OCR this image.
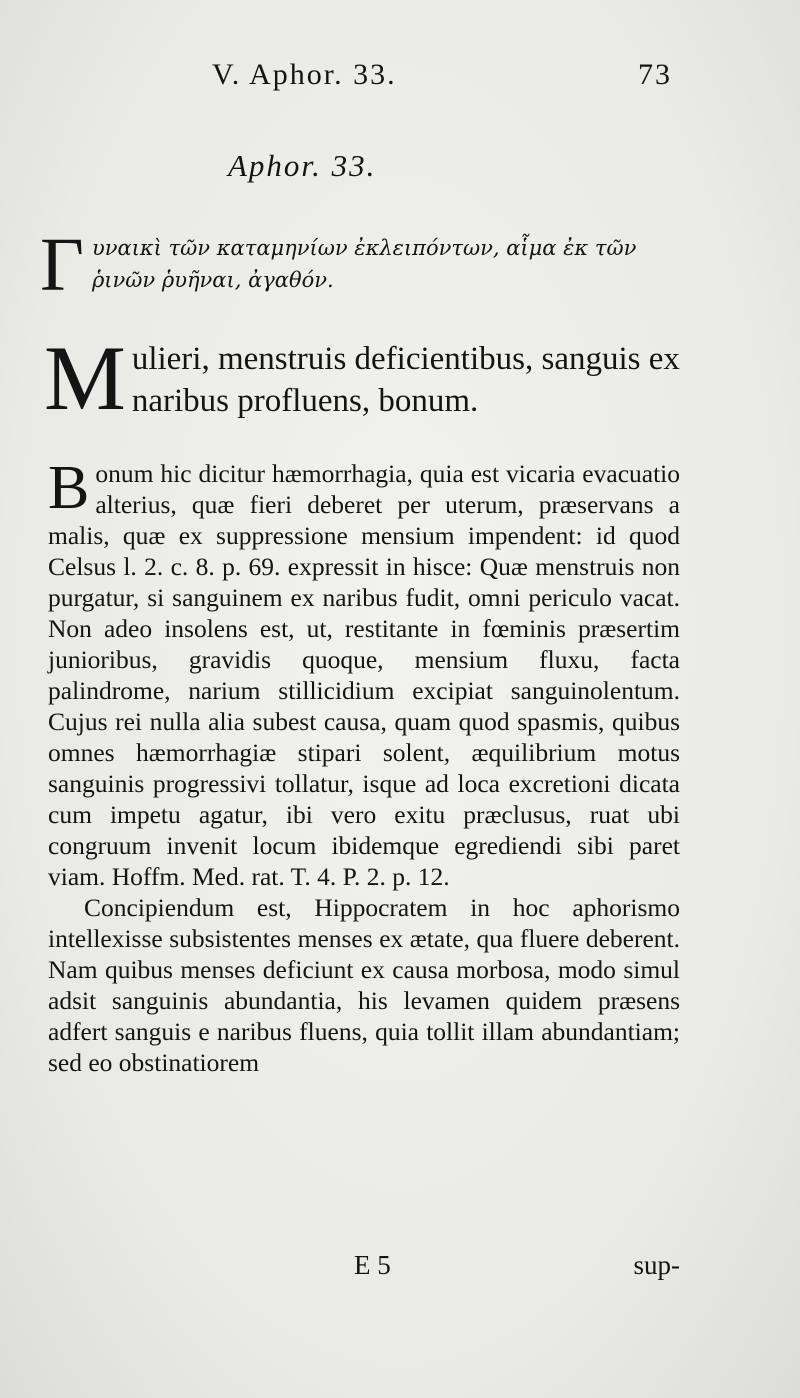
V. Aphor. 33.	73
Aphor. 33.
Γ υναικὶ τῶν καταμηνίων ἐκλειπόντων, αἷμα ἐκ τῶν ῥινῶν ῥυῆναι, ἀγαθόν.
M ulieri, menstruis deficientibus, sanguis ex naribus profluens, bonum.

B onum hic dicitur hæmorrhagia, quia est vicaria evacuatio alterius, quæ fieri deberet per uterum, præservans a malis, quæ ex suppressione mensium impendent: id quod Celsus l. 2. c. 8. p. 69. expressit in hisce: Quæ menstruis non purgatur, si sanguinem ex naribus fudit, omni periculo vacat. Non adeo insolens est, ut, restitante in fœminis præsertim junioribus, gravidis quoque, mensium fluxu, facta palindrome, narium stillicidium excipiat sanguinolentum. Cujus rei nulla alia subest causa, quam quod spasmis, quibus omnes hæmorrhagiæ stipari solent, æquilibrium motus sanguinis progressivi tollatur, isque ad loca excretioni dicata cum impetu agatur, ibi vero exitu præclusus, ruat ubi congruum invenit locum ibidemque egrediendi sibi paret viam. Hoffm. Med. rat. T. 4. P. 2. p. 12.

Concipiendum est, Hippocratem in hoc aphorismo intellexisse subsistentes menses ex ætate, qua fluere deberent. Nam quibus menses deficiunt ex causa morbosa, modo simul adsit sanguinis abundantia, his levamen quidem præsens adfert sanguis e naribus fluens, quia tollit illam abundantiam; sed eo obstinatiorem

E 5	sup-
